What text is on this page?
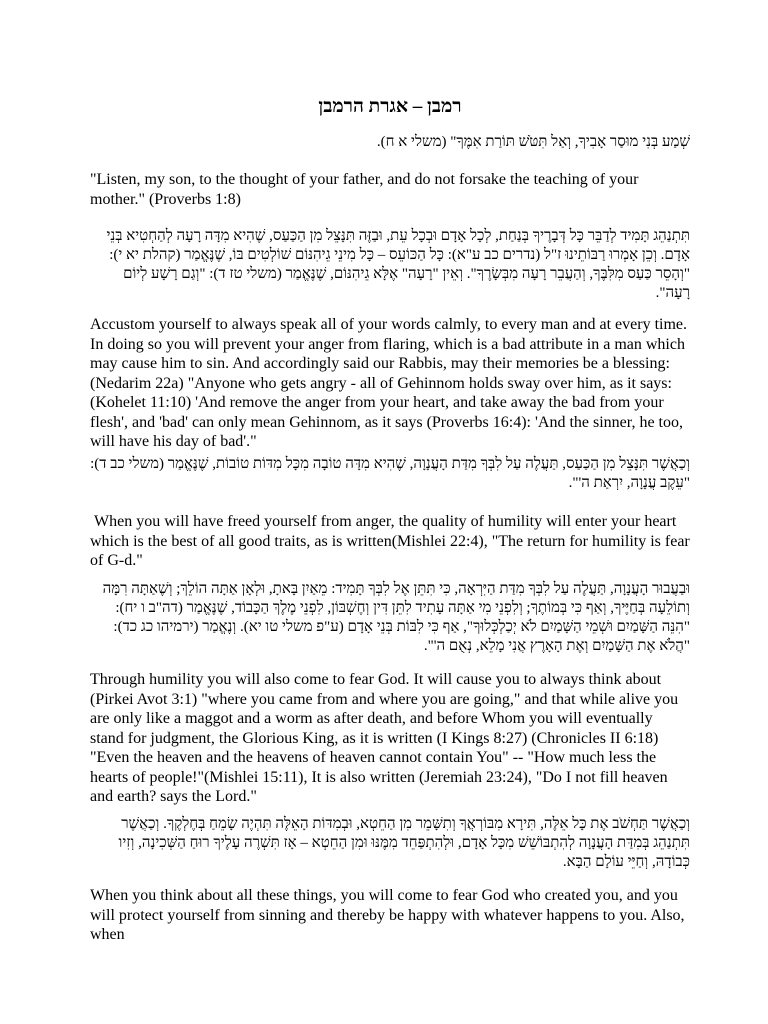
רמבן – אגרת הרמבן

שְׁמַע בְּנִי מוּסַר אָבִיךָ, וְאַל תִּטֹּשׁ תּוֹרַת אִמֶּךָ" (משלי א ח).

"Listen, my son, to the thought of your father, and do not forsake the teaching of your mother." (Proverbs 1:8)

תִּתְנַהֵג תָּמִיד לְדַבֵּר כָּל דְּבָרֶיךָ בְּנַחַת, לְכָל אָדָם וּבְכָל עֵת, וּבַזֶּה תִּנָּצֵל מִן הַכַּעַס, שֶׁהִיא מִדָּה רָעָה לְהַחְטִיא בְּנֵי אָדָם. וְכֵן אָמְרוּ רַבּוֹתֵינוּ ז"ל (נדרים כב ע"א): כָּל הַכּוֹעֵס – כָּל מִינֵי גֵיהִנּוֹם שׁוֹלְטִים בּוֹ, שֶׁנֶּאֱמַר (קהלת יא י): "וְהָסֵר כַּעַס מִלִּבֶּךָ, וְהַעֲבֵר רָעָה מִבְּשָׂרֶךָ". וְאֵין "רָעָה" אֶלָּא גֵיהִנּוֹם, שֶׁנֶּאֱמַר (משלי טז ד): "וְגַם רָשָׁע לְיוֹם רָעָה".

Accustom yourself to always speak all of your words calmly, to every man and at every time. In doing so you will prevent your anger from flaring, which is a bad attribute in a man which may cause him to sin. And accordingly said our Rabbis, may their memories be a blessing: (Nedarim 22a) "Anyone who gets angry - all of Gehinnom holds sway over him, as it says: (Kohelet 11:10) 'And remove the anger from your heart, and take away the bad from your flesh', and 'bad' can only mean Gehinnom, as it says (Proverbs 16:4): 'And the sinner, he too, will have his day of bad'."

וְכַאֲשֶׁר תִּנָּצֵל מִן הַכַּעַס, תַּעֲלֶה עַל לִבְּךָ מִדַּת הָעֲנָוָה, שֶׁהִיא מִדָּה טוֹבָה מִכָּל מִדּוֹת טוֹבוֹת, שֶׁנֶּאֱמַר (משלי כב ד): "עֵקֶב עֲנָוָה, יִרְאַת ה'".

When you will have freed yourself from anger, the quality of humility will enter your heart which is the best of all good traits, as is written(Mishlei 22:4), "The return for humility is fear of G-d."

וּבַעֲבוּר הָעֲנָוָה, תַּעֲלֶה עַל לִבְּךָ מִדַּת הַיִּרְאָה, כִּי תִּתֵּן אֶל לִבְּךָ תָּמִיד: מֵאַיִן בָּאתָ, וּלְאָן אַתָּה הוֹלֵךְ; וְשֶׁאַתָּה רִמָּה וְתוֹלֵעָה בְּחַיֶּיךָ, וְאַף כִּי בְּמוֹתֶךָ; וְלִפְנֵי מִי אַתָּה עָתִיד לִתֵּן דִּין וְחֶשְׁבּוֹן, לִפְנֵי מֶלֶךְ הַכָּבוֹד, שֶׁנֶּאֱמַר (דה"ב ו יח): "הִנֵּה הַשָּׁמַיִם וּשְׁמֵי הַשָּׁמַיִם לֹא יְכַלְכְּלוּךָ", אַף כִּי לִבּוֹת בְּנֵי אָדָם (ע"פ משלי טו יא). וְנֶאֱמַר (ירמיהו כג כד): "הֲלֹא אֶת הַשָּׁמַיִם וְאֶת הָאָרֶץ אֲנִי מָלֵא, נְאֻם ה'".

Through humility you will also come to fear God. It will cause you to always think about (Pirkei Avot 3:1) "where you came from and where you are going," and that while alive you are only like a maggot and a worm as after death, and before Whom you will eventually stand for judgment, the Glorious King, as it is written (I Kings 8:27) (Chronicles II 6:18) "Even the heaven and the heavens of heaven cannot contain You" -- "How much less the hearts of people!"(Mishlei 15:11), It is also written (Jeremiah 23:24), "Do I not fill heaven and earth? says the Lord."

וְכַאֲשֶׁר תַּחְשֹׁב אֶת כָּל אֵלֶּה, תִּירָא מִבּוֹרְאֲךָ וְתִשָּׁמֵר מִן הַחֵטְא, וּבְמִדּוֹת הָאֵלֶּה תִּהְיֶה שָׂמֵחַ בְּחֶלְקֶךָ. וְכַאֲשֶׁר תִּתְנַהֵג בְּמִדַּת הָעֲנָוָה לְהִתְבּוֹשֵׁשׁ מִכָּל אָדָם, וּלְהִתְפַּחֵד מִמֶּנּוּ וּמִן הַחֵטְא – אָז תִּשְׁרֶה עָלֶיךָ רוּחַ הַשְּׁכִינָה, וְזִיו כְּבוֹדָהּ, וְחַיֵּי עוֹלָם הַבָּא.

When you think about all these things, you will come to fear God who created you, and you will protect yourself from sinning and thereby be happy with whatever happens to you. Also, when
